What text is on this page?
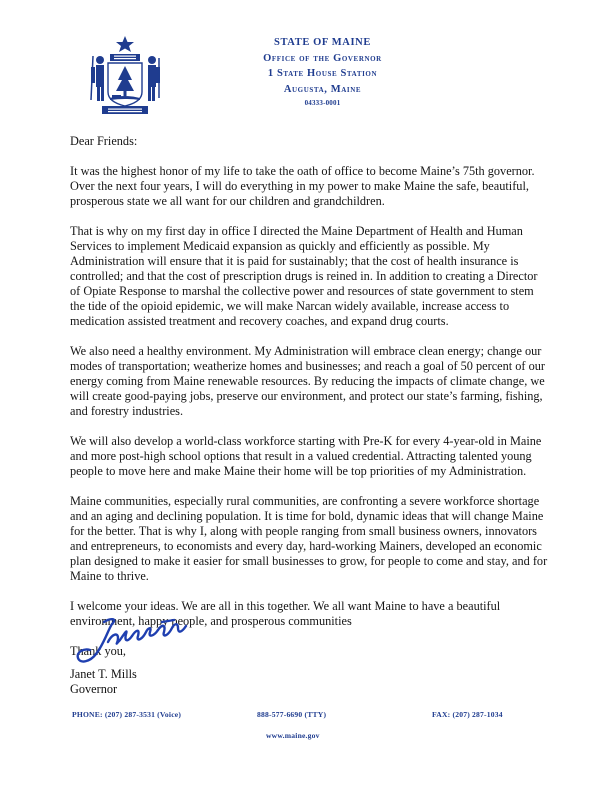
STATE OF MAINE
Office of the Governor
1 State House Station
Augusta, Maine
04333-0001

Dear Friends:

It was the highest honor of my life to take the oath of office to become Maine’s 75th governor. Over the next four years, I will do everything in my power to make Maine the safe, beautiful, prosperous state we all want for our children and grandchildren.

That is why on my first day in office I directed the Maine Department of Health and Human Services to implement Medicaid expansion as quickly and efficiently as possible. My Administration will ensure that it is paid for sustainably; that the cost of health insurance is controlled; and that the cost of prescription drugs is reined in. In addition to creating a Director of Opiate Response to marshal the collective power and resources of state government to stem the tide of the opioid epidemic, we will make Narcan widely available, increase access to medication assisted treatment and recovery coaches, and expand drug courts.

We also need a healthy environment. My Administration will embrace clean energy; change our modes of transportation; weatherize homes and businesses; and reach a goal of 50 percent of our energy coming from Maine renewable resources. By reducing the impacts of climate change, we will create good-paying jobs, preserve our environment, and protect our state’s farming, fishing, and forestry industries.

We will also develop a world-class workforce starting with Pre-K for every 4-year-old in Maine and more post-high school options that result in a valued credential. Attracting talented young people to move here and make Maine their home will be top priorities of my Administration.

Maine communities, especially rural communities, are confronting a severe workforce shortage and an aging and declining population. It is time for bold, dynamic ideas that will change Maine for the better. That is why I, along with people ranging from small business owners, innovators and entrepreneurs, to economists and every day, hard-working Mainers, developed an economic plan designed to make it easier for small businesses to grow, for people to come and stay, and for Maine to thrive.

I welcome your ideas. We are all in this together. We all want Maine to have a beautiful environment, happy people, and prosperous communities

Thank you,

Janet T. Mills
Governor
PHONE: (207) 287-3531 (Voice)	888-577-6690 (TTY)	FAX: (207) 287-1034
www.maine.gov
